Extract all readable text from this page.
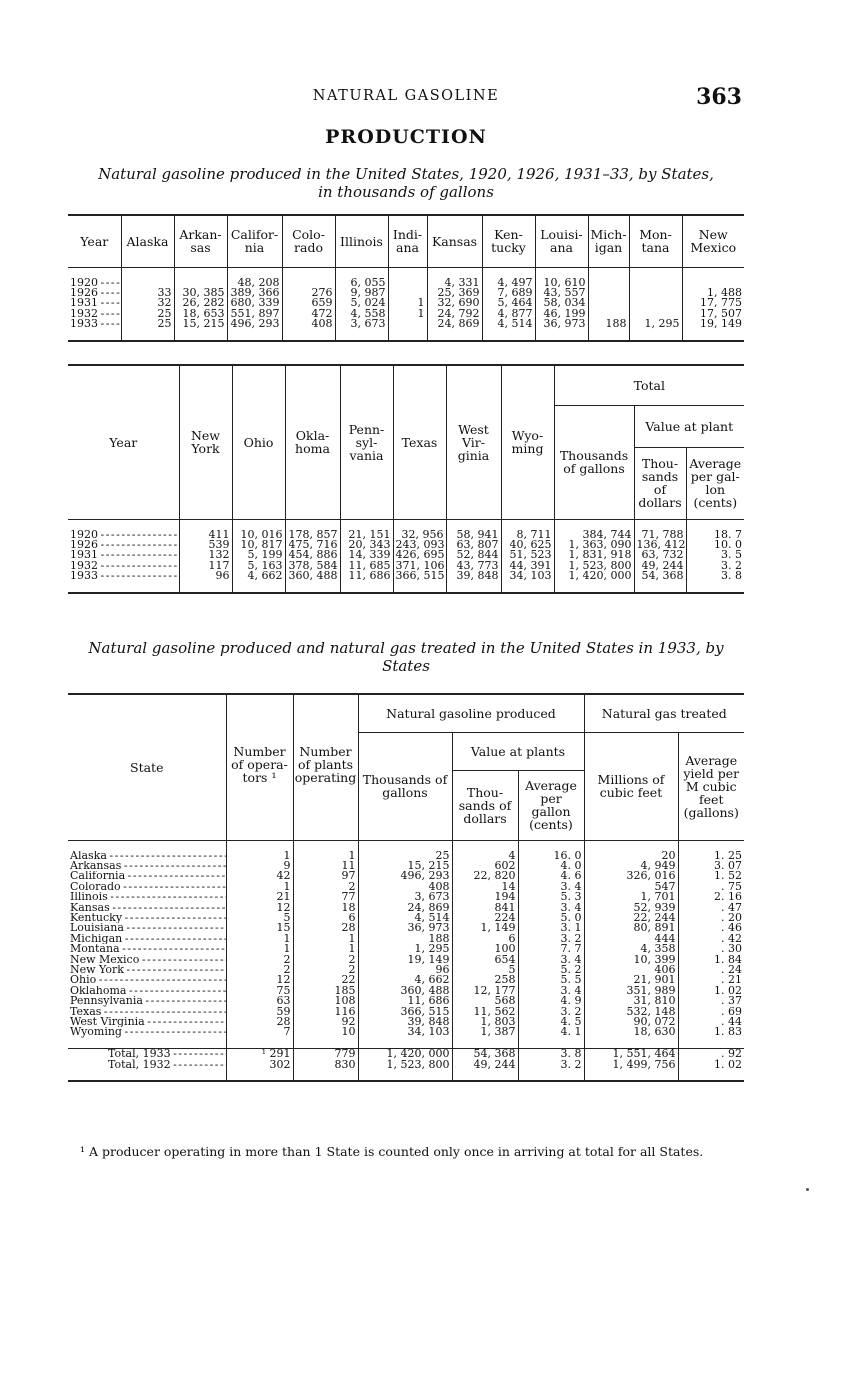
NATURAL GASOLINE	363
PRODUCTION
Natural gasoline produced in the United States, 1920, 1926, 1931–33, by States,
in thousands of gallons
Year	Alaska	Arkan-sas	Califor-nia	Colo-rado	Illinois	Indi-ana	Kansas	Ken-tucky	Louisi-ana	Mich-igan	Mon-tana	New Mexico

1920 - - -			48, 208		6, 055		4, 331	4, 497	10, 610			
1926 - - -	33	30, 385	389, 366	276	9, 987		25, 369	7, 689	43, 557			1, 488
1931 - - -	32	26, 282	680, 339	659	5, 024	1	32, 690	5, 464	58, 034			17, 775
1932 - - -	25	18, 653	551, 897	472	4, 558	1	24, 792	4, 877	46, 199			17, 507
1933 - - -	25	15, 215	496, 293	408	3, 673		24, 869	4, 514	36, 973	188	1, 295	19, 149

Year	New York	Ohio	Okla-homa	Penn-syl-vania	Texas	West Vir-ginia	Wyo-ming	Total		
								Thousands of gallons	Value at plant	
									Thou-sands of dollars	Average per gal-lon (cents)

1920 - - -	411	10, 016	178, 857	21, 151	32, 956	58, 941	8, 711	384, 744	71, 788	18. 7
1926 - - -	539	10, 817	475, 716	20, 343	243, 093	63, 807	40, 625	1, 363, 090	136, 412	10. 0
1931 - - -	132	5, 199	454, 886	14, 339	426, 695	52, 844	51, 523	1, 831, 918	63, 732	3. 5
1932 - - -	117	5, 163	378, 584	11, 685	371, 106	43, 773	44, 391	1, 523, 800	49, 244	3. 2
1933 - - -	96	4, 662	360, 488	11, 686	366, 515	39, 848	34, 103	1, 420, 000	54, 368	3. 8

Natural gasoline produced and natural gas treated in the United States in 1933, by
States
State	Number of opera-tors ¹	Number of plants operating	Natural gasoline produced			Natural gas treated	
			Thousands of gallons	Value at plants		Millions of cubic feet	Average yield per M cubic feet (gallons)
				Thou-sands of dollars	Average per gallon (cents)		

Alaska - - -	1	1	25	4	16. 0	20	1. 25
Arkansas - - -	9	11	15, 215	602	4. 0	4, 949	3. 07
California - - -	42	97	496, 293	22, 820	4. 6	326, 016	1. 52
Colorado - - -	1	2	408	14	3. 4	547	. 75
Illinois - - -	21	77	3, 673	194	5. 3	1, 701	2. 16
Kansas - - -	12	18	24, 869	841	3. 4	52, 939	. 47
Kentucky - - -	5	6	4, 514	224	5. 0	22, 244	. 20
Louisiana - - -	15	28	36, 973	1, 149	3. 1	80, 891	. 46
Michigan - - -	1	1	188	6	3. 2	444	. 42
Montana - - -	1	1	1, 295	100	7. 7	4, 358	. 30
New Mexico - - -	2	2	19, 149	654	3. 4	10, 399	1. 84
New York - - -	2	2	96	5	5. 2	406	. 24
Ohio - - -	12	22	4, 662	258	5. 5	21, 901	. 21
Oklahoma - - -	75	185	360, 488	12, 177	3. 4	351, 989	1. 02
Pennsylvania - - -	63	108	11, 686	568	4. 9	31, 810	. 37
Texas - - -	59	116	366, 515	11, 562	3. 2	532, 148	. 69
West Virginia - - -	28	92	39, 848	1, 803	4. 5	90, 072	. 44
Wyoming - - -	7	10	34, 103	1, 387	4. 1	18, 630	1. 83

Total, 1933 - - -	¹ 291	779	1, 420, 000	54, 368	3. 8	1, 551, 464	. 92
Total, 1932 - - -	302	830	1, 523, 800	49, 244	3. 2	1, 499, 756	1. 02

¹ A producer operating in more than 1 State is counted only once in arriving at total for all States.
